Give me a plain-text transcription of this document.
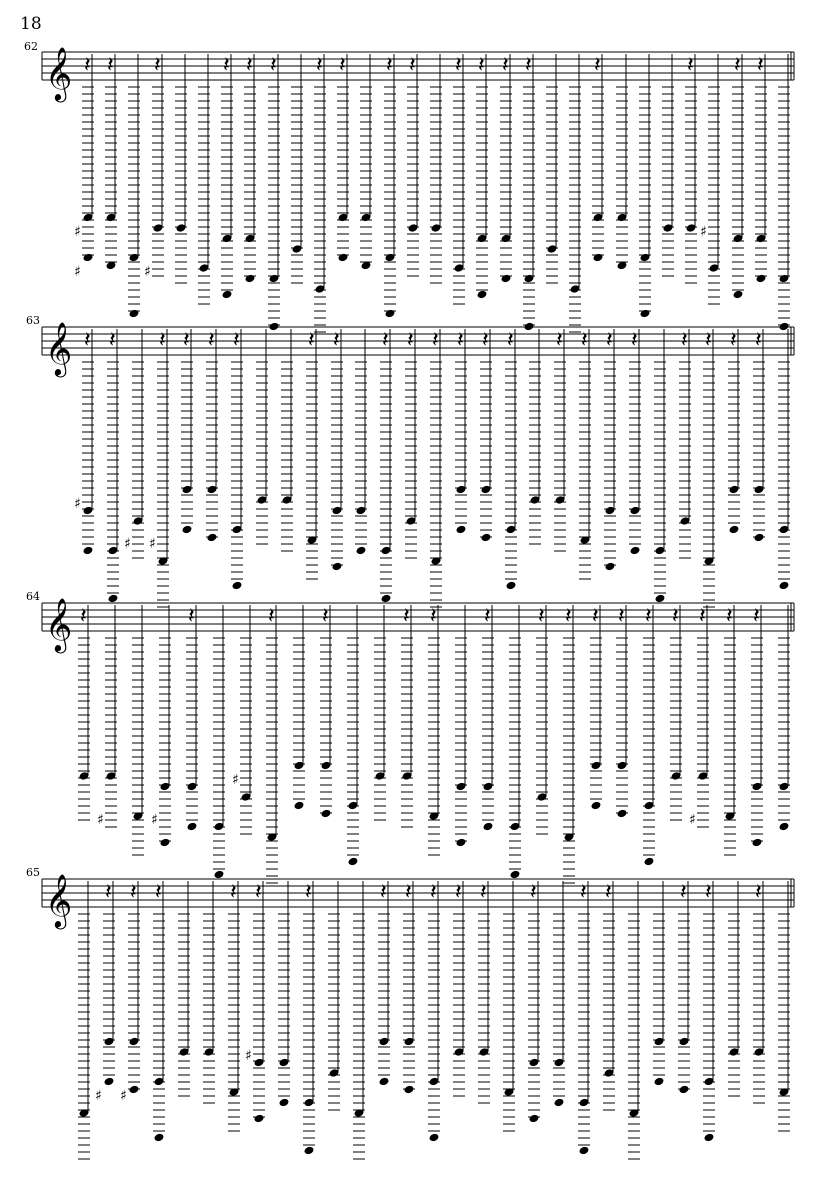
18
62
63
64
65
𝄞 𝄽 𝄽 𝄽	𝄽 𝄽 𝄽 𝄽 𝄽 𝄽 𝄽 𝄽 𝄽 𝄽 𝄽	𝄽	𝄽 𝄽 𝄽
♯
♯
♯
♯
𝄞 𝄽 𝄽 𝄽 𝄽 𝄽 𝄽	𝄽 𝄽 𝄽 𝄽 𝄽 𝄽 𝄽 𝄽 𝄽 𝄽 𝄽 𝄽 𝄽 𝄽 𝄽 𝄽
♯
♯ ♯
𝄞 𝄽	𝄽	𝄽 𝄽	𝄽 𝄽 𝄽 𝄽 𝄽 𝄽 𝄽 𝄽 𝄽 𝄽 𝄽 𝄽
♯	♯
♯
♯
𝄞 𝄽 𝄽 𝄽	𝄽 𝄽 𝄽	𝄽 𝄽 𝄽 𝄽 𝄽 𝄽 𝄽 𝄽	𝄽 𝄽 𝄽
♯ ♯
♯
